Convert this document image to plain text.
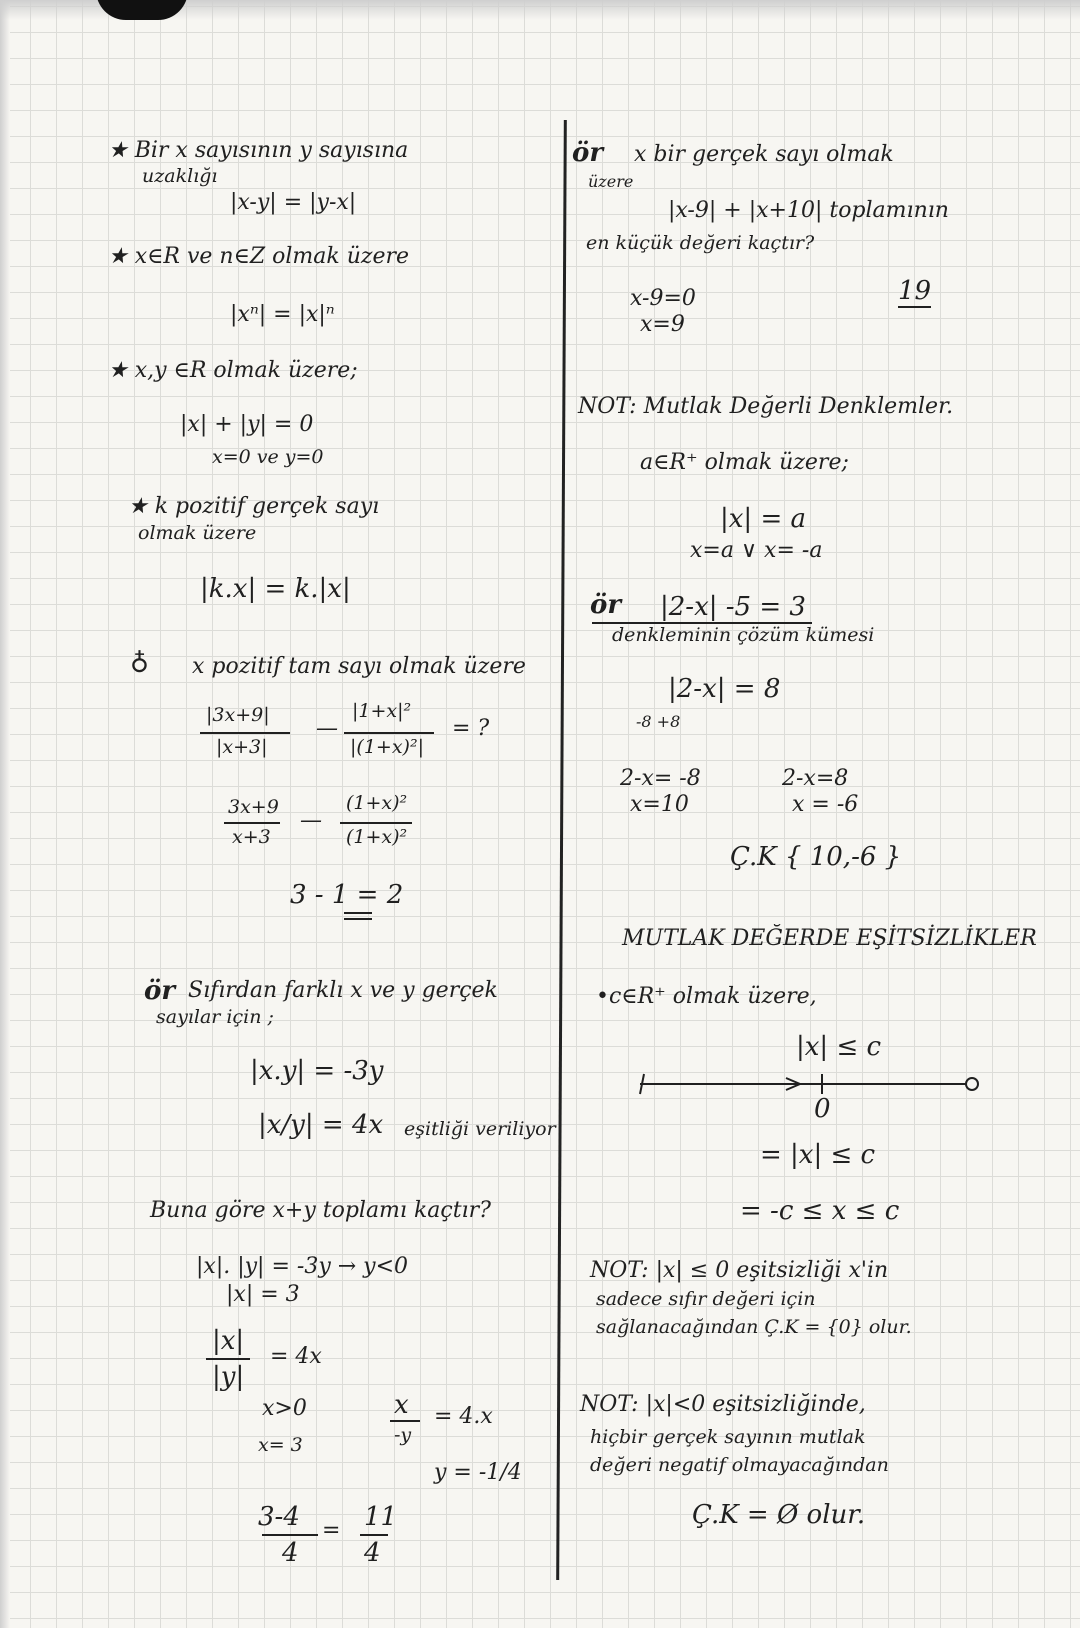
★ Bir x sayısının y sayısına
uzaklığı
|x-y| = |y-x|
★ x∈R ve n∈Z olmak üzere
|xⁿ| = |x|ⁿ
★ x,y ∈R olmak üzere;
|x| + |y| = 0
x=0 ve y=0
★ k pozitif gerçek sayı
olmak üzere
|k.x| = k.|x|
♁ x pozitif tam sayı olmak üzere
|3x+9|
|x+3|
—
|1+x|²
|(1+x)²|
= ?
3x+9
x+3
—
(1+x)²
(1+x)²
3 - 1 = 2
ör Sıfırdan farklı x ve y gerçek
sayılar için ;
|x.y| = -3y
|x/y| = 4x eşitliği veriliyor
Buna göre x+y toplamı kaçtır?
|x|. |y| = -3y → y<0
|x| = 3
|x|
|y|
= 4x
x>0
x= 3
x
-y
= 4.x
y = -1/4
3-4
4
= 11
4
ör x bir gerçek sayı olmak
üzere
|x-9| + |x+10| toplamının
en küçük değeri kaçtır?
x-9=0
x=9
19
NOT: Mutlak Değerli Denklemler.
a∈R⁺ olmak üzere;
|x| = a
x=a ∨ x= -a
ör |2-x| -5 = 3
denkleminin çözüm kümesi
|2-x| = 8
-8 +8
2-x= -8
x=10
2-x=8
x = -6
Ç.K { 10,-6 }
MUTLAK DEĞERDE EŞİTSİZLİKLER
•c∈R⁺ olmak üzere,
|x| ≤ c
0
= |x| ≤ c
= -c ≤ x ≤ c
NOT: |x| ≤ 0 eşitsizliği x'in
sadece sıfır değeri için
sağlanacağından Ç.K = {0} olur.
NOT: |x|<0 eşitsizliğinde,
hiçbir gerçek sayının mutlak
değeri negatif olmayacağından
Ç.K = Ø olur.
